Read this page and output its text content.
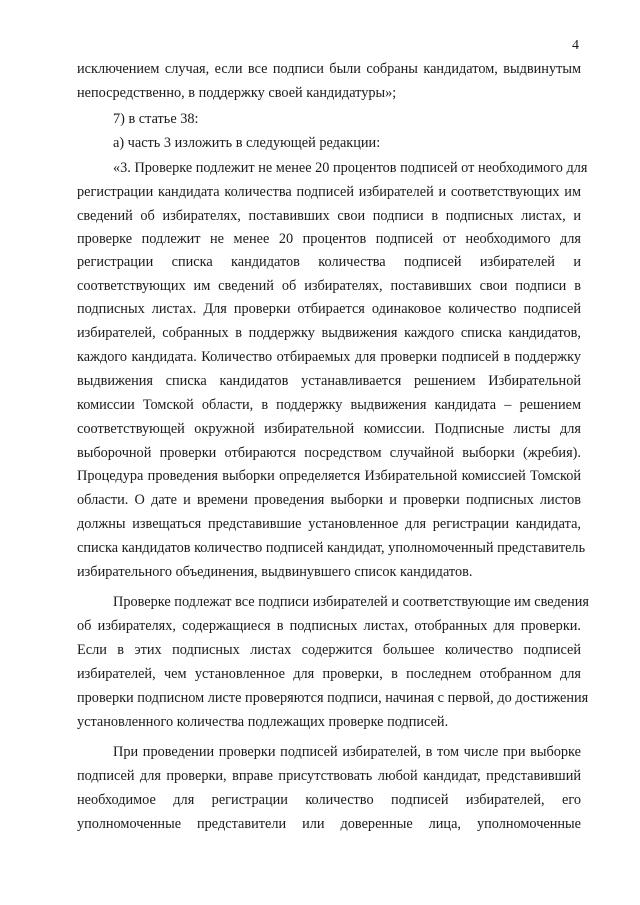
4
исключением случая, если все подписи были собраны кандидатом, выдвинутым
непосредственно, в поддержку своей кандидатуры»;
7) в статье 38:
а) часть 3 изложить в следующей редакции:
«3. Проверке подлежит не менее 20 процентов подписей от необходимого для
регистрации кандидата количества подписей избирателей и соответствующих им
сведений об избирателях, поставивших свои подписи в подписных листах, и
проверке подлежит не менее 20 процентов подписей от необходимого для
регистрации списка кандидатов количества подписей избирателей и
соответствующих им сведений об избирателях, поставивших свои подписи в
подписных листах. Для проверки отбирается одинаковое количество подписей
избирателей, собранных в поддержку выдвижения каждого списка кандидатов,
каждого кандидата. Количество отбираемых для проверки подписей в поддержку
выдвижения списка кандидатов устанавливается решением Избирательной
комиссии Томской области, в поддержку выдвижения кандидата – решением
соответствующей окружной избирательной комиссии. Подписные листы для
выборочной проверки отбираются посредством случайной выборки (жребия).
Процедура проведения выборки определяется Избирательной комиссией Томской
области. О дате и времени проведения выборки и проверки подписных листов
должны извещаться представившие установленное для регистрации кандидата,
списка кандидатов количество подписей кандидат, уполномоченный представитель
избирательного объединения, выдвинувшего список кандидатов.
Проверке подлежат все подписи избирателей и соответствующие им сведения
об избирателях, содержащиеся в подписных листах, отобранных для проверки.
Если в этих подписных листах содержится большее количество подписей
избирателей, чем установленное для проверки, в последнем отобранном для
проверки подписном листе проверяются подписи, начиная с первой, до достижения
установленного количества подлежащих проверке подписей.
При проведении проверки подписей избирателей, в том числе при выборке
подписей для проверки, вправе присутствовать любой кандидат, представивший
необходимое для регистрации количество подписей избирателей, его
уполномоченные представители или доверенные лица, уполномоченные
